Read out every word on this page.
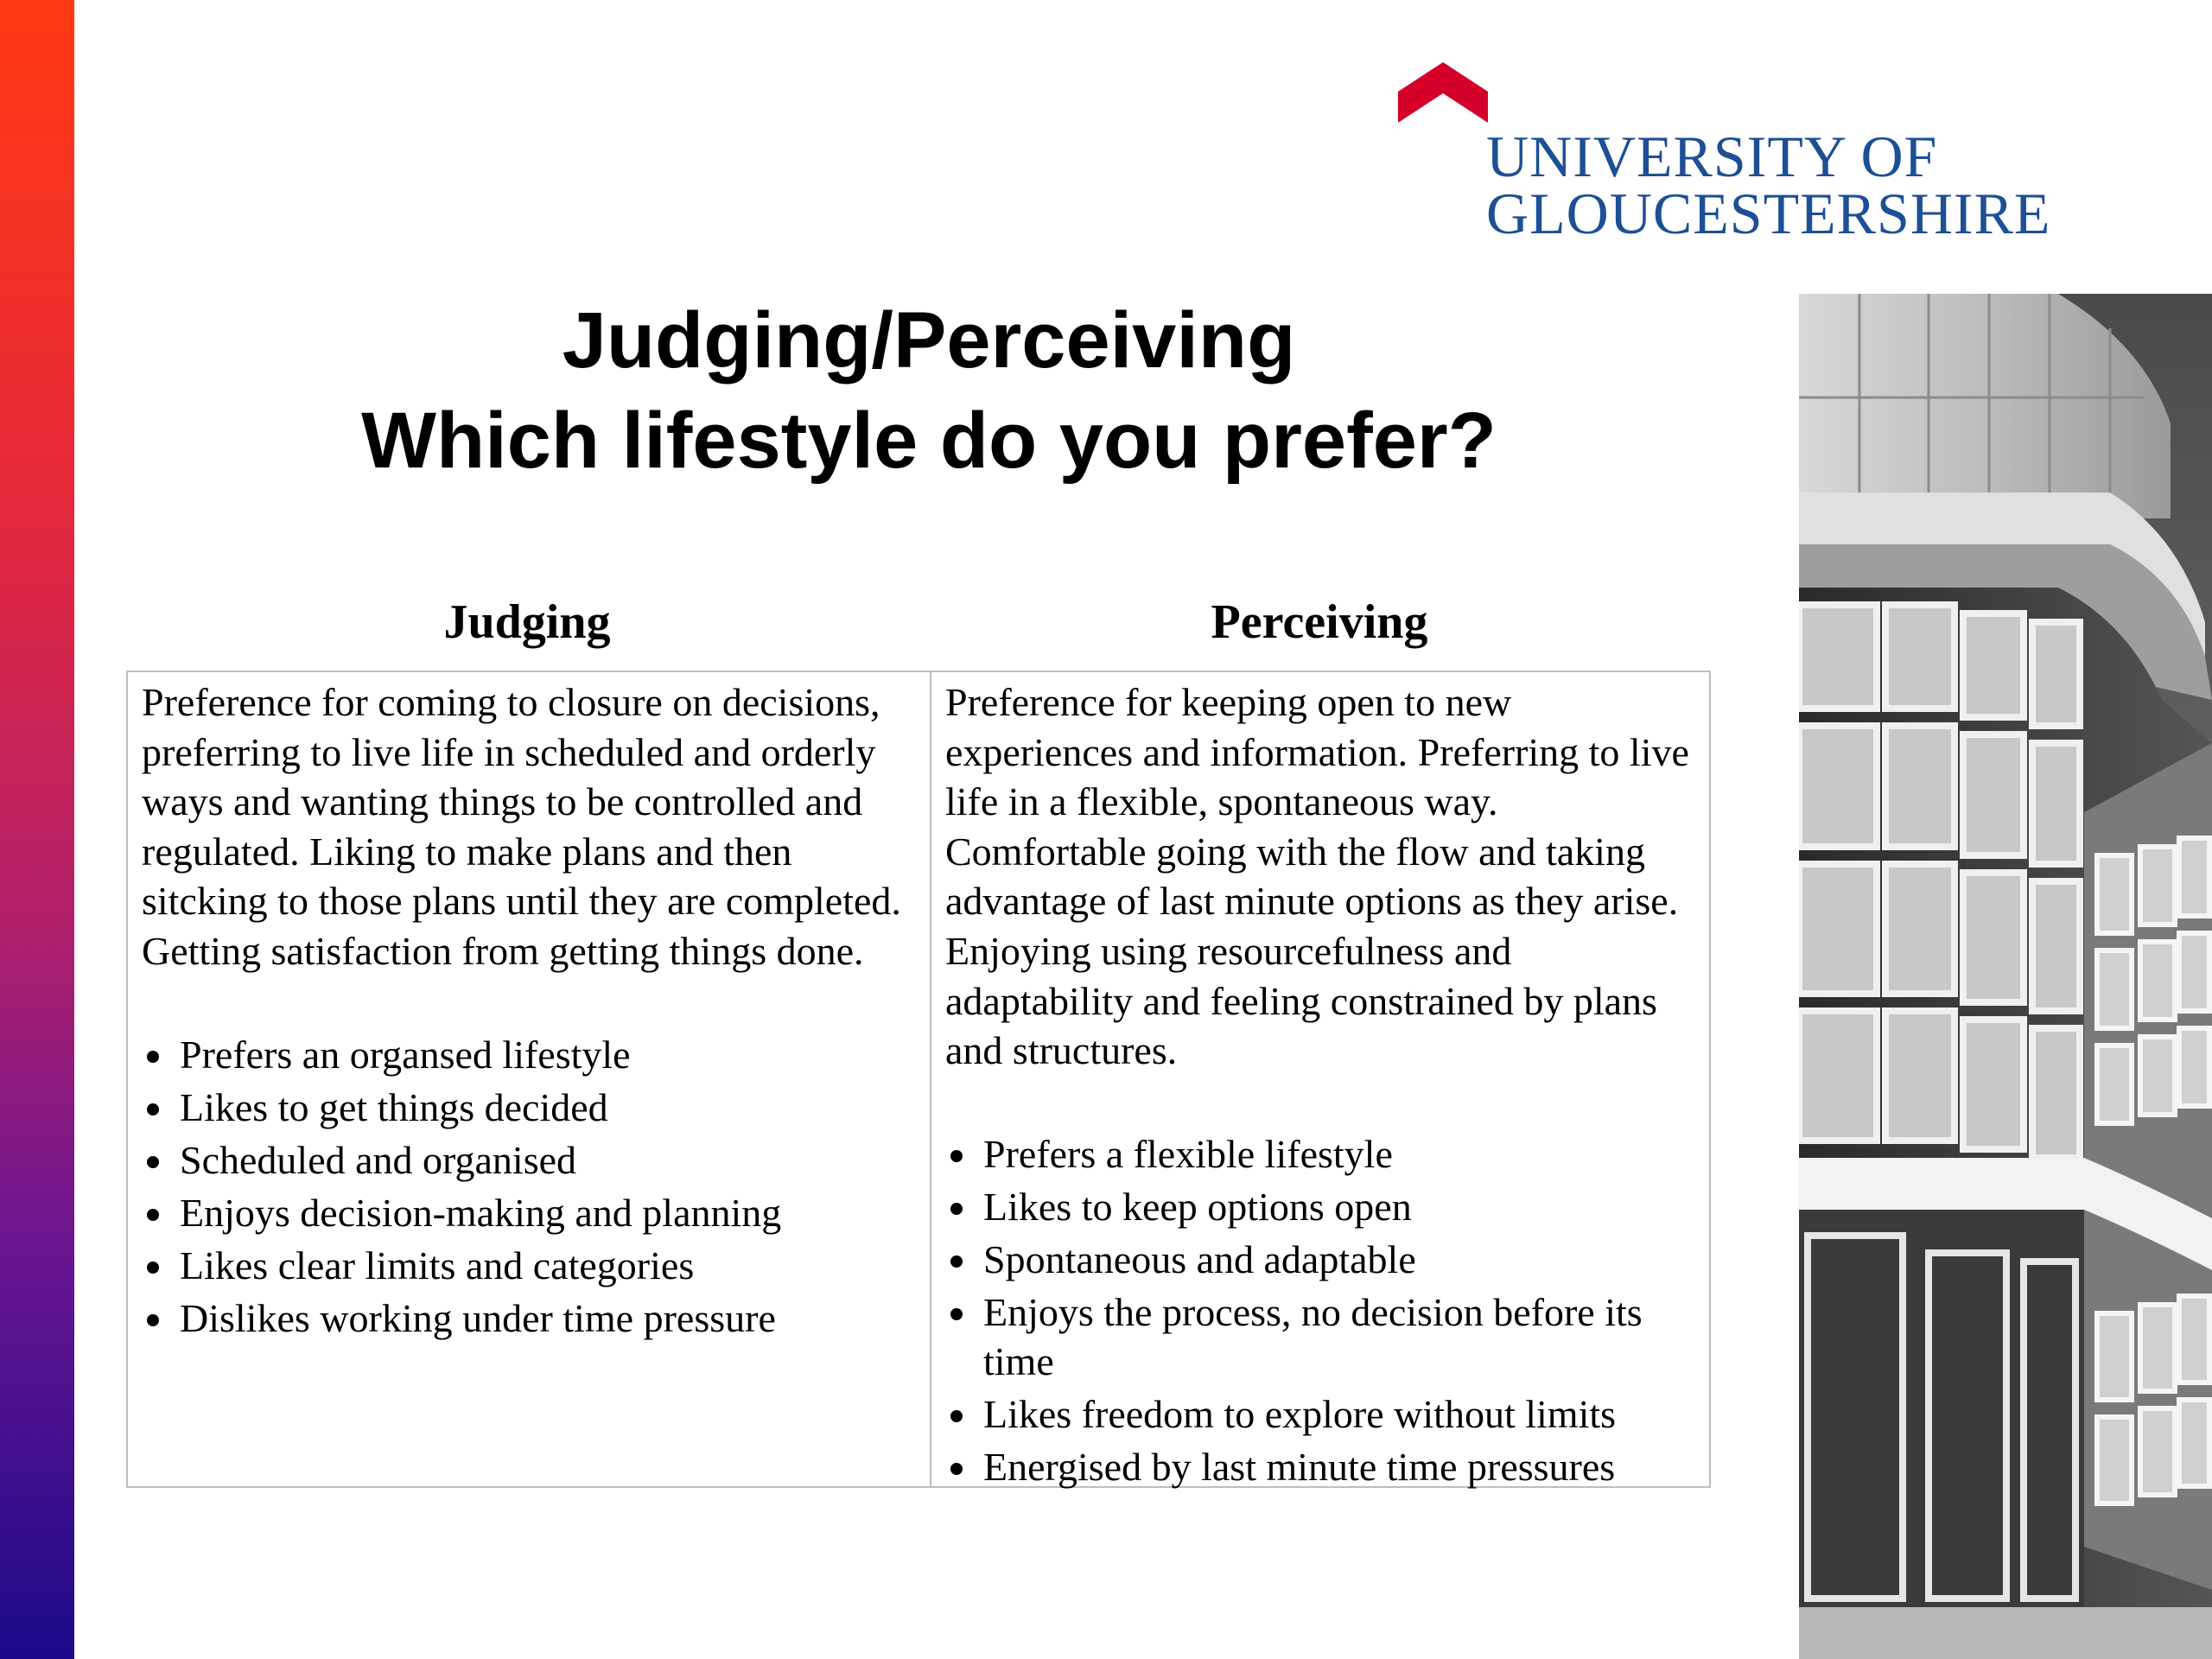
UNIVERSITY OF
GLOUCESTERSHIRE
Judging/Perceiving
Which lifestyle do you prefer?
Judging	Perceiving

Preference for coming to closure on decisions, preferring to live life in scheduled and orderly ways and wanting things to be controlled and regulated. Liking to make plans and then sitcking to those plans until they are completed. Getting satisfaction from getting things done.

Prefers an organsed lifestyle
Likes to get things decided
Scheduled and organised
Enjoys decision-making and planning
Likes clear limits and categories
Dislikes working under time pressure

Preference for keeping open to new experiences and information. Preferring to live life in a flexible, spontaneous way. Comfortable going with the flow and taking advantage of last minute options as they arise. Enjoying using resourcefulness and adaptability and feeling constrained by plans and structures.

Prefers a flexible lifestyle
Likes to keep options open
Spontaneous and adaptable
Enjoys the process, no decision before its time
Likes freedom to explore without limits
Energised by last minute time pressures
